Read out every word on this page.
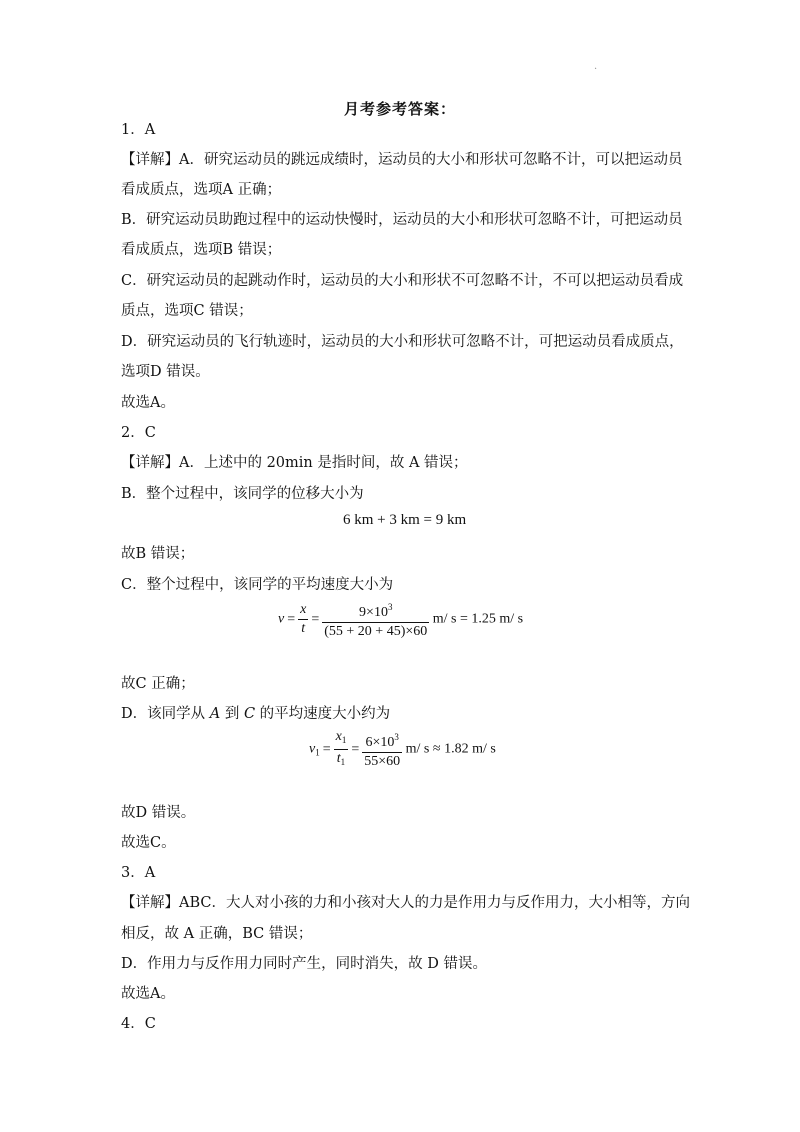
·
月考参考答案：
1．A
【详解】A．研究运动员的跳远成绩时，运动员的大小和形状可忽略不计，可以把运动员
看成质点，选项A 正确；
B．研究运动员助跑过程中的运动快慢时，运动员的大小和形状可忽略不计，可把运动员
看成质点，选项B 错误；
C．研究运动员的起跳动作时，运动员的大小和形状不可忽略不计，不可以把运动员看成
质点，选项C 错误；
D．研究运动员的飞行轨迹时，运动员的大小和形状可忽略不计，可把运动员看成质点，
选项D 错误。
故选A。
2．C
【详解】A．上述中的 20min 是指时间，故 A 错误；
B．整个过程中，该同学的位移大小为
6 km + 3 km = 9 km
故B 错误；
C．整个过程中，该同学的平均速度大小为
$v = \frac{x}{t} = \frac{9\times 10^3}{(55 + 20 + 45)\times 60} m/$ s = 1.25 m/ s
故C 正确；
D．该同学从 A 到 C 的平均速度大小约为
$v_1 = \frac{x_1}{t_1} = \frac{6\times 10^3}{55\times 60} m/$ s ≈ 1.82 m/ s
故D 错误。
故选C。
3．A
【详解】ABC．大人对小孩的力和小孩对大人的力是作用力与反作用力，大小相等，方向
相反，故 A 正确，BC 错误；
D．作用力与反作用力同时产生，同时消失，故 D 错误。
故选A。
4．C
